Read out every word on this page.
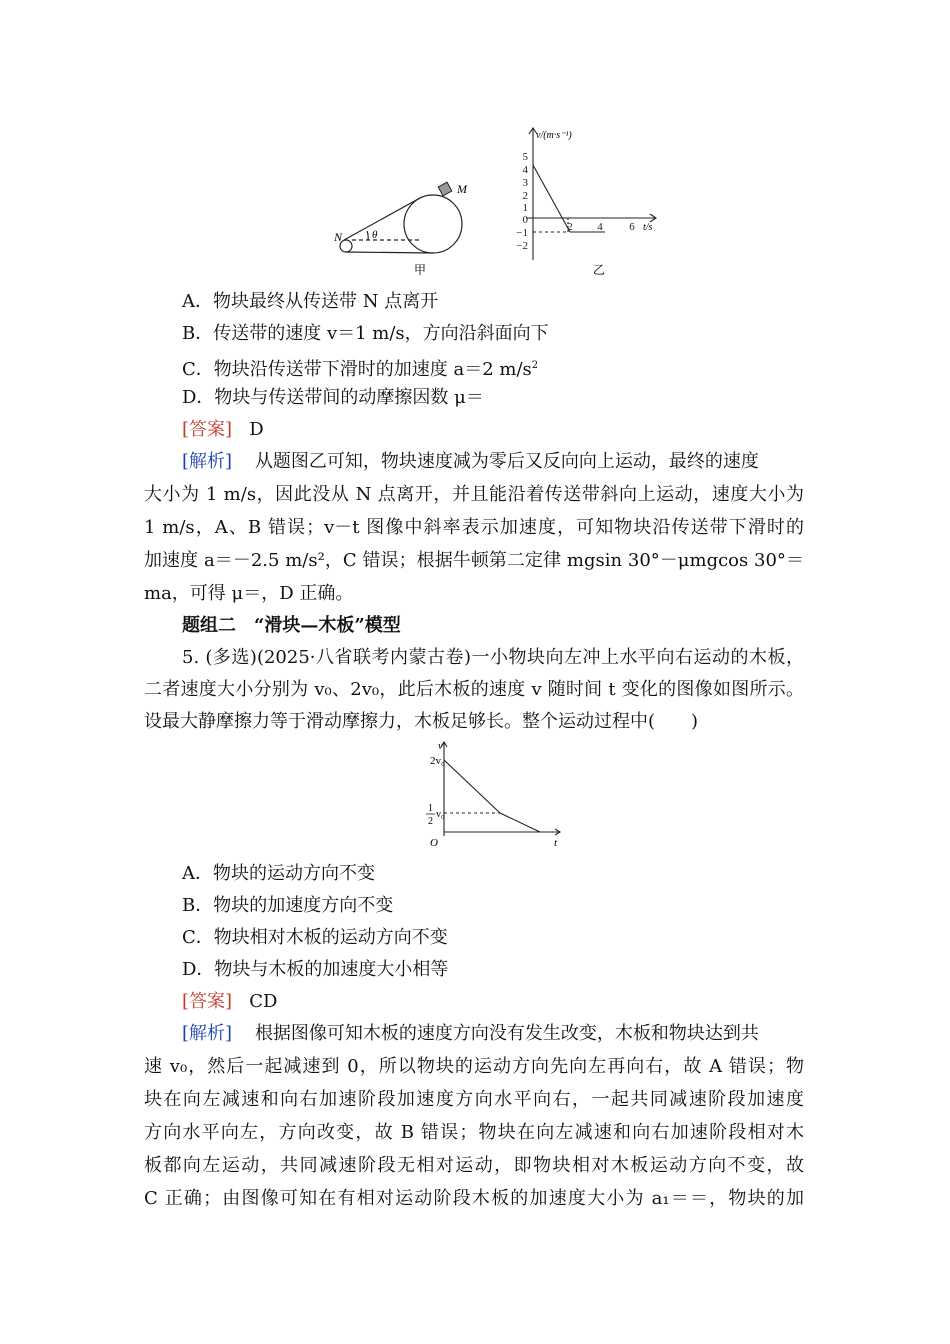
N
M
θ
甲
5
4
3
2
1
0
−1
−2
2 4 6
v/(m·s⁻¹)
t/s
乙
A．物块最终从传送带 N 点离开
B．传送带的速度 v＝1 m/s，方向沿斜面向下
C．物块沿传送带下滑时的加速度 a＝2 $m/s^2$
D．物块与传送带间的动摩擦因数 μ＝
[答案] D
[解析] 从题图乙可知，物块速度减为零后又反向向上运动，最终的速度
大小为 1 m/s，因此没从 N 点离开，并且能沿着传送带斜向上运动，速度大小为
1 m/s，A、B 错误；v－t 图像中斜率表示加速度，可知物块沿传送带下滑时的
加速度 a＝－2.5 m/s²，C 错误；根据牛顿第二定律 mgsin 30°－μmgcos 30°＝
ma，可得 μ＝，D 正确。
题组二　“滑块—木板”模型
5. (多选)(2025·八省联考内蒙古卷)一小物块向左冲上水平向右运动的木板，
二者速度大小分别为 v₀、2v₀，此后木板的速度 v 随时间 t 变化的图像如图所示。
设最大静摩擦力等于滑动摩擦力，木板足够长。整个运动过程中(　　)
v
2v₀
1
2
v₀
O	t
A．物块的运动方向不变
B．物块的加速度方向不变
C．物块相对木板的运动方向不变
D．物块与木板的加速度大小相等
[答案] CD
[解析] 根据图像可知木板的速度方向没有发生改变，木板和物块达到共
速 v₀，然后一起减速到 0，所以物块的运动方向先向左再向右，故 A 错误；物
块在向左减速和向右加速阶段加速度方向水平向右，一起共同减速阶段加速度
方向水平向左，方向改变，故 B 错误；物块在向左减速和向右加速阶段相对木
板都向左运动，共同减速阶段无相对运动，即物块相对木板运动方向不变，故
C 正确；由图像可知在有相对运动阶段木板的加速度大小为 a₁＝＝，物块的加
